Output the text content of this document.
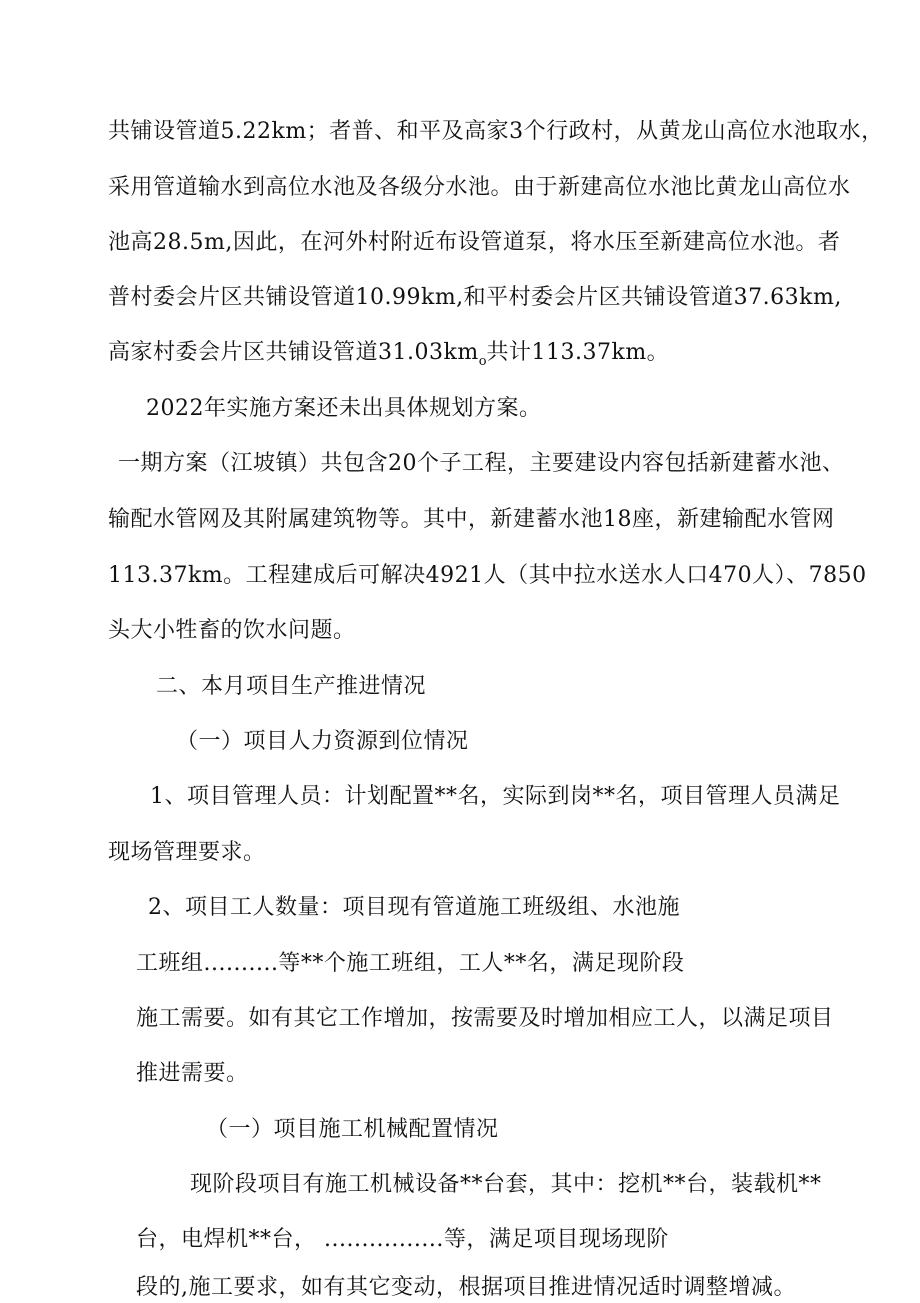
共铺设管道5.22km；者普、和平及高家3个行政村，从黄龙山高位水池取水，
采用管道输水到高位水池及各级分水池。由于新建高位水池比黄龙山高位水
池高28.5m,因此，在河外村附近布设管道泵，将水压至新建高位水池。者
普村委会片区共铺设管道10.99km,和平村委会片区共铺设管道37.63km,
高家村委会片区共铺设管道$31.03km_o$共计113.37km。
2022年实施方案还未出具体规划方案。
一期方案（江坡镇）共包含20个子工程，主要建设内容包括新建蓄水池、
输配水管网及其附属建筑物等。其中，新建蓄水池18座，新建输配水管网
113.37km。工程建成后可解决4921人（其中拉水送水人口470人）、7850
头大小牲畜的饮水问题。
二、本月项目生产推进情况
（一）项目人力资源到位情况
1、项目管理人员：计划配置**名，实际到岗**名，项目管理人员满足
现场管理要求。
2、项目工人数量：项目现有管道施工班级组、水池施
工班组..........等**个施工班组，工人**名，满足现阶段
施工需要。如有其它工作增加，按需要及时增加相应工人，以满足项目
推进需要。
（一）项目施工机械配置情况
现阶段项目有施工机械设备**台套，其中：挖机**台，装载机**
台，电焊机**台， ................等，满足项目现场现阶
段的,施工要求，如有其它变动，根据项目推进情况适时调整增减。
